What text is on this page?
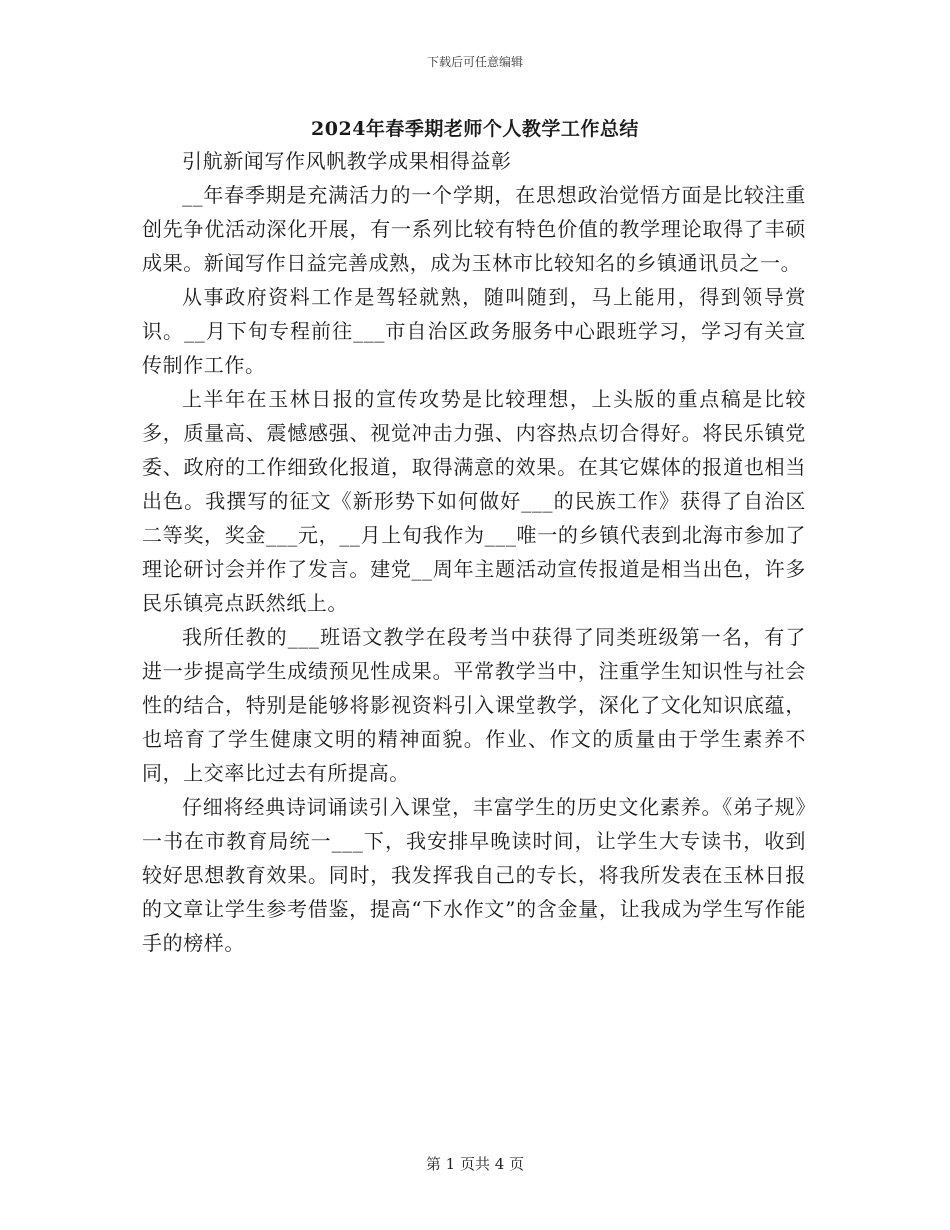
下载后可任意编辑
2024年春季期老师个人教学工作总结

引航新闻写作风帆教学成果相得益彰

__年春季期是充满活力的一个学期，在思想政治觉悟方面是比较注重创先争优活动深化开展，有一系列比较有特色价值的教学理论取得了丰硕成果。新闻写作日益完善成熟，成为玉林市比较知名的乡镇通讯员之一。

从事政府资料工作是驾轻就熟，随叫随到，马上能用，得到领导赏识。__月下旬专程前往___市自治区政务服务中心跟班学习，学习有关宣传制作工作。

上半年在玉林日报的宣传攻势是比较理想，上头版的重点稿是比较多，质量高、震憾感强、视觉冲击力强、内容热点切合得好。将民乐镇党委、政府的工作细致化报道，取得满意的效果。在其它媒体的报道也相当出色。我撰写的征文《新形势下如何做好___的民族工作》获得了自治区二等奖，奖金___元，__月上旬我作为___唯一的乡镇代表到北海市参加了理论研讨会并作了发言。建党__周年主题活动宣传报道是相当出色，许多民乐镇亮点跃然纸上。

我所任教的___班语文教学在段考当中获得了同类班级第一名，有了进一步提高学生成绩预见性成果。平常教学当中，注重学生知识性与社会性的结合，特别是能够将影视资料引入课堂教学，深化了文化知识底蕴，也培育了学生健康文明的精神面貌。作业、作文的质量由于学生素养不同，上交率比过去有所提高。

仔细将经典诗词诵读引入课堂，丰富学生的历史文化素养。《弟子规》一书在市教育局统一___下，我安排早晚读时间，让学生大专读书，收到较好思想教育效果。同时，我发挥我自己的专长，将我所发表在玉林日报的文章让学生参考借鉴，提高“下水作文”的含金量，让我成为学生写作能手的榜样。

第 1 页共 4 页
